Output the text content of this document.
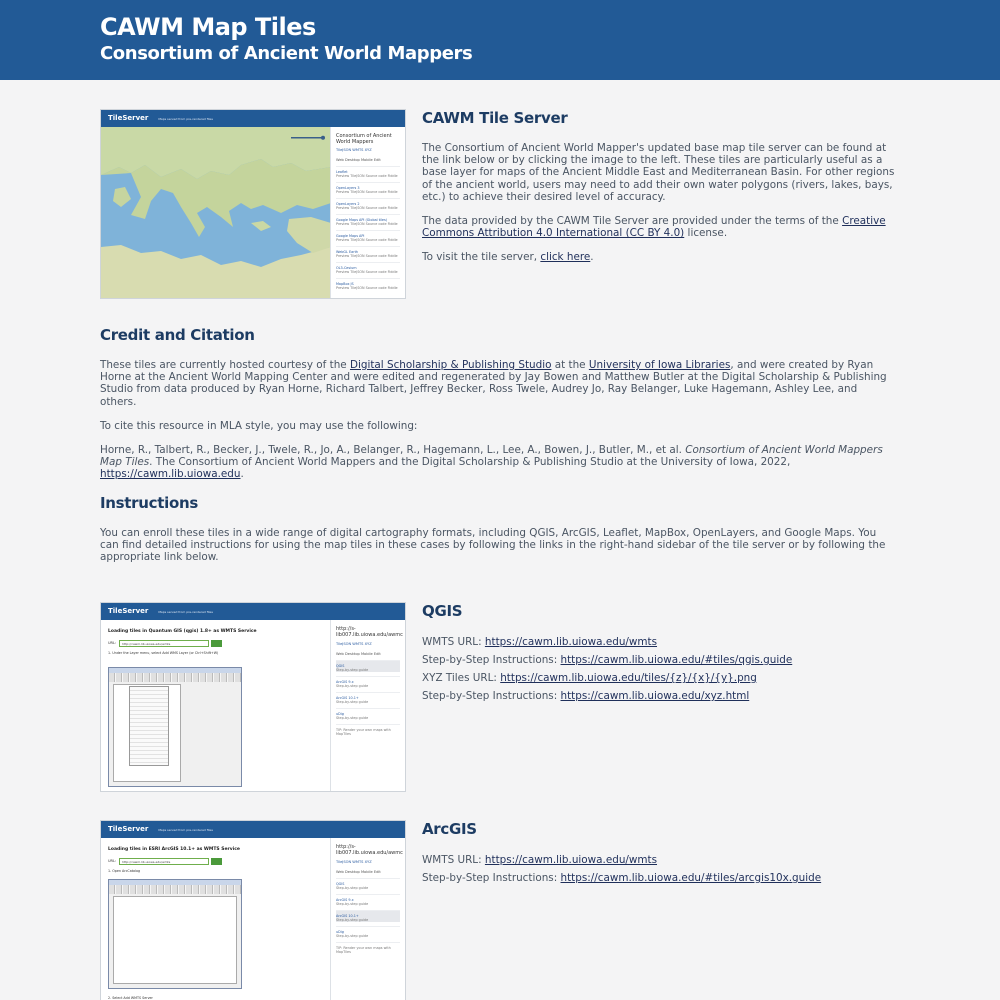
CAWM Map Tiles
Consortium of Ancient World Mappers
TileServer	Maps served from pre-rendered files
Consortium of Ancient World Mappers
TileJSON WMTS XYZ
Web Desktop Mobile Edit
Leaflet
Preview TileJSON Source code Fiddle
OpenLayers 3
Preview TileJSON Source code Fiddle
OpenLayers 2
Preview TileJSON Source code Fiddle
Google Maps API (Global tiles)
Preview TileJSON Source code Fiddle
Google Maps API
Preview TileJSON Source code Fiddle
WebGL Earth
Preview TileJSON Source code Fiddle
OL3-Cesium
Preview TileJSON Source code Fiddle
MapBox JS
Preview TileJSON Source code Fiddle
CAWM Tile Server

The Consortium of Ancient World Mapper's updated base map tile server can be found at the link below or by clicking the image to the left. These tiles are particularly useful as a base layer for maps of the Ancient Middle East and Mediterranean Basin. For other regions of the ancient world, users may need to add their own water polygons (rivers, lakes, bays, etc.) to achieve their desired level of accuracy.

The data provided by the CAWM Tile Server are provided under the terms of the Creative Commons Attribution 4.0 International (CC BY 4.0) license.

To visit the tile server, click here.

Credit and Citation

These tiles are currently hosted courtesy of the Digital Scholarship & Publishing Studio at the University of Iowa Libraries, and were created by Ryan Horne at the Ancient World Mapping Center and were edited and regenerated by Jay Bowen and Matthew Butler at the Digital Scholarship & Publishing Studio from data produced by Ryan Horne, Richard Talbert, Jeffrey Becker, Ross Twele, Audrey Jo, Ray Belanger, Luke Hagemann, Ashley Lee, and others.

To cite this resource in MLA style, you may use the following:

Horne, R., Talbert, R., Becker, J., Twele, R., Jo, A., Belanger, R., Hagemann, L., Lee, A., Bowen, J., Butler, M., et al. Consortium of Ancient World Mappers Map Tiles. The Consortium of Ancient World Mappers and the Digital Scholarship & Publishing Studio at the University of Iowa, 2022, https://cawm.lib.uiowa.edu.

Instructions

You can enroll these tiles in a wide range of digital cartography formats, including QGIS, ArcGIS, Leaflet, MapBox, OpenLayers, and Google Maps. You can find detailed instructions for using the map tiles in these cases by following the links in the right-hand sidebar of the tile server or by following the appropriate link below.

TileServer	Maps served from pre-rendered files
Loading tiles in Quantum GIS (qgis) 1.8+ as WMTS Service
URL:	http://cawm.lib.uiowa.edu/wmts
1. Under the Layer menu, select Add WMS Layer (or Ctrl+Shift+W)
http://s-lib007.lib.uiowa.edu/awmc
TileJSON WMTS XYZ
Web Desktop Mobile Edit
QGIS
Step-by-step guide
ArcGIS 9.x
Step-by-step guide
ArcGIS 10.1+
Step-by-step guide
uDig
Step-by-step guide
TIP: Render your own maps with MapTiles
QGIS

WMTS URL: https://cawm.lib.uiowa.edu/wmts

Step-by-Step Instructions: https://cawm.lib.uiowa.edu/#tiles/qgis.guide

XYZ Tiles URL: https://cawm.lib.uiowa.edu/tiles/{z}/{x}/{y}.png

Step-by-Step Instructions: https://cawm.lib.uiowa.edu/xyz.html

TileServer	Maps served from pre-rendered files
Loading tiles in ESRI ArcGIS 10.1+ as WMTS Service
URL:	http://cawm.lib.uiowa.edu/wmts
1. Open ArcCatalog
2. Select Add WMTS Server
http://s-lib007.lib.uiowa.edu/awmc
TileJSON WMTS XYZ
Web Desktop Mobile Edit
QGIS
Step-by-step guide
ArcGIS 9.x
Step-by-step guide
ArcGIS 10.1+
Step-by-step guide
uDig
Step-by-step guide
TIP: Render your own maps with MapTiles
ArcGIS

WMTS URL: https://cawm.lib.uiowa.edu/wmts

Step-by-Step Instructions: https://cawm.lib.uiowa.edu/#tiles/arcgis10x.guide
